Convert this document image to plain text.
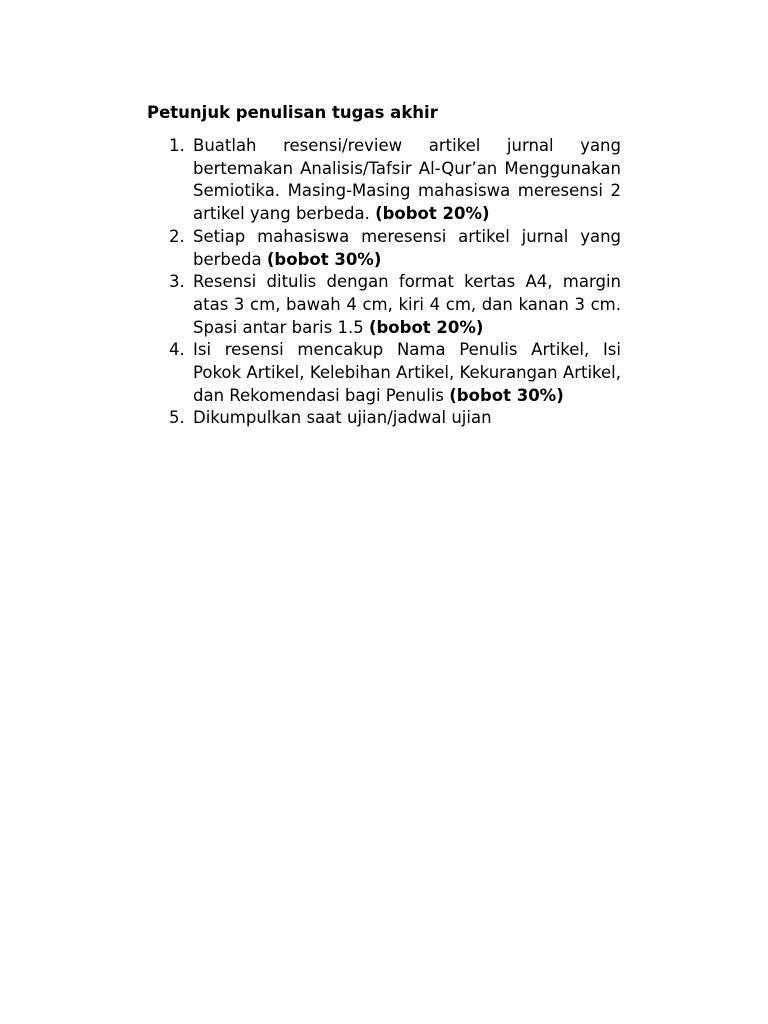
Petunjuk penulisan tugas akhir
1. Buatlah resensi/review artikel jurnal yang bertemakan Analisis/Tafsir Al-Qur’an Menggunakan Semiotika. Masing-Masing mahasiswa meresensi 2 artikel yang berbeda. (bobot 20%)
2. Setiap mahasiswa meresensi artikel jurnal yang berbeda (bobot 30%)
3. Resensi ditulis dengan format kertas A4, margin atas 3 cm, bawah 4 cm, kiri 4 cm, dan kanan 3 cm. Spasi antar baris 1.5 (bobot 20%)
4. Isi resensi mencakup Nama Penulis Artikel, Isi Pokok Artikel, Kelebihan Artikel, Kekurangan Artikel, dan Rekomendasi bagi Penulis (bobot 30%)
5. Dikumpulkan saat ujian/jadwal ujian
